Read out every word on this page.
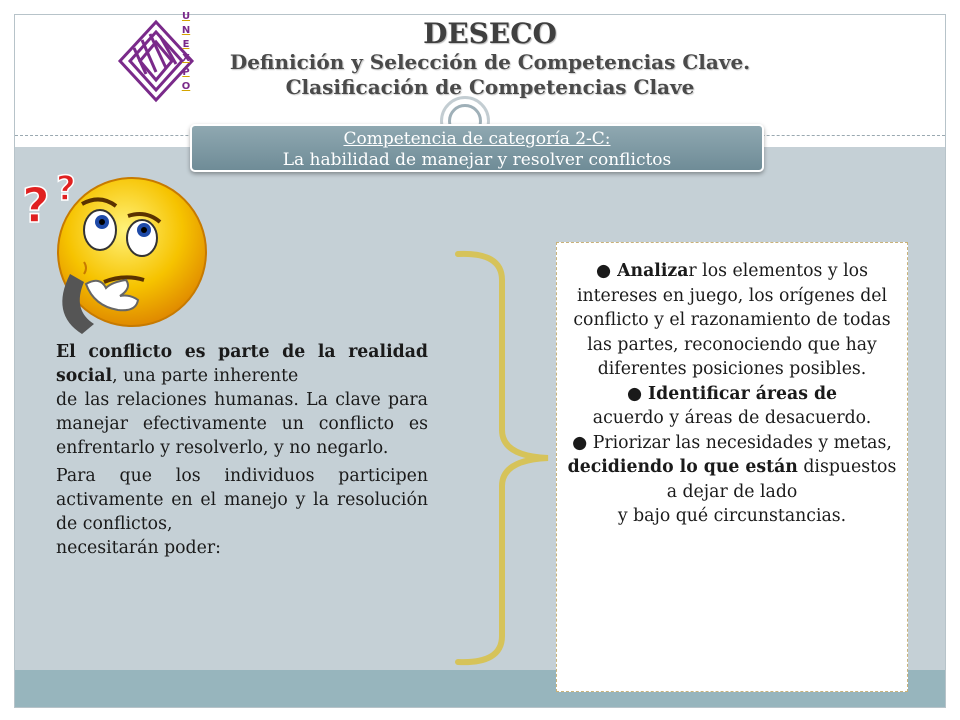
U
N
E
X
P
O
DESECO
Definición y Selección de Competencias Clave.
Clasificación de Competencias Clave
Competencia de categoría 2-C:
La habilidad de manejar y resolver conflictos
? ?

El conflicto es parte de la realidad social, una parte inherente
de las relaciones humanas. La clave para manejar efectivamente un conflicto es enfrentarlo y resolverlo, y no negarlo.

Para que los individuos participen activamente en el manejo y la resolución de conflictos,
necesitarán poder:

● Analizar los elementos y los intereses en juego, los orígenes del conflicto y el razonamiento de todas
las partes, reconociendo que hay diferentes posiciones posibles.

● Identificar áreas de
acuerdo y áreas de desacuerdo.

● Priorizar las necesidades y metas, decidiendo lo que están dispuestos a dejar de lado
y bajo qué circunstancias.
